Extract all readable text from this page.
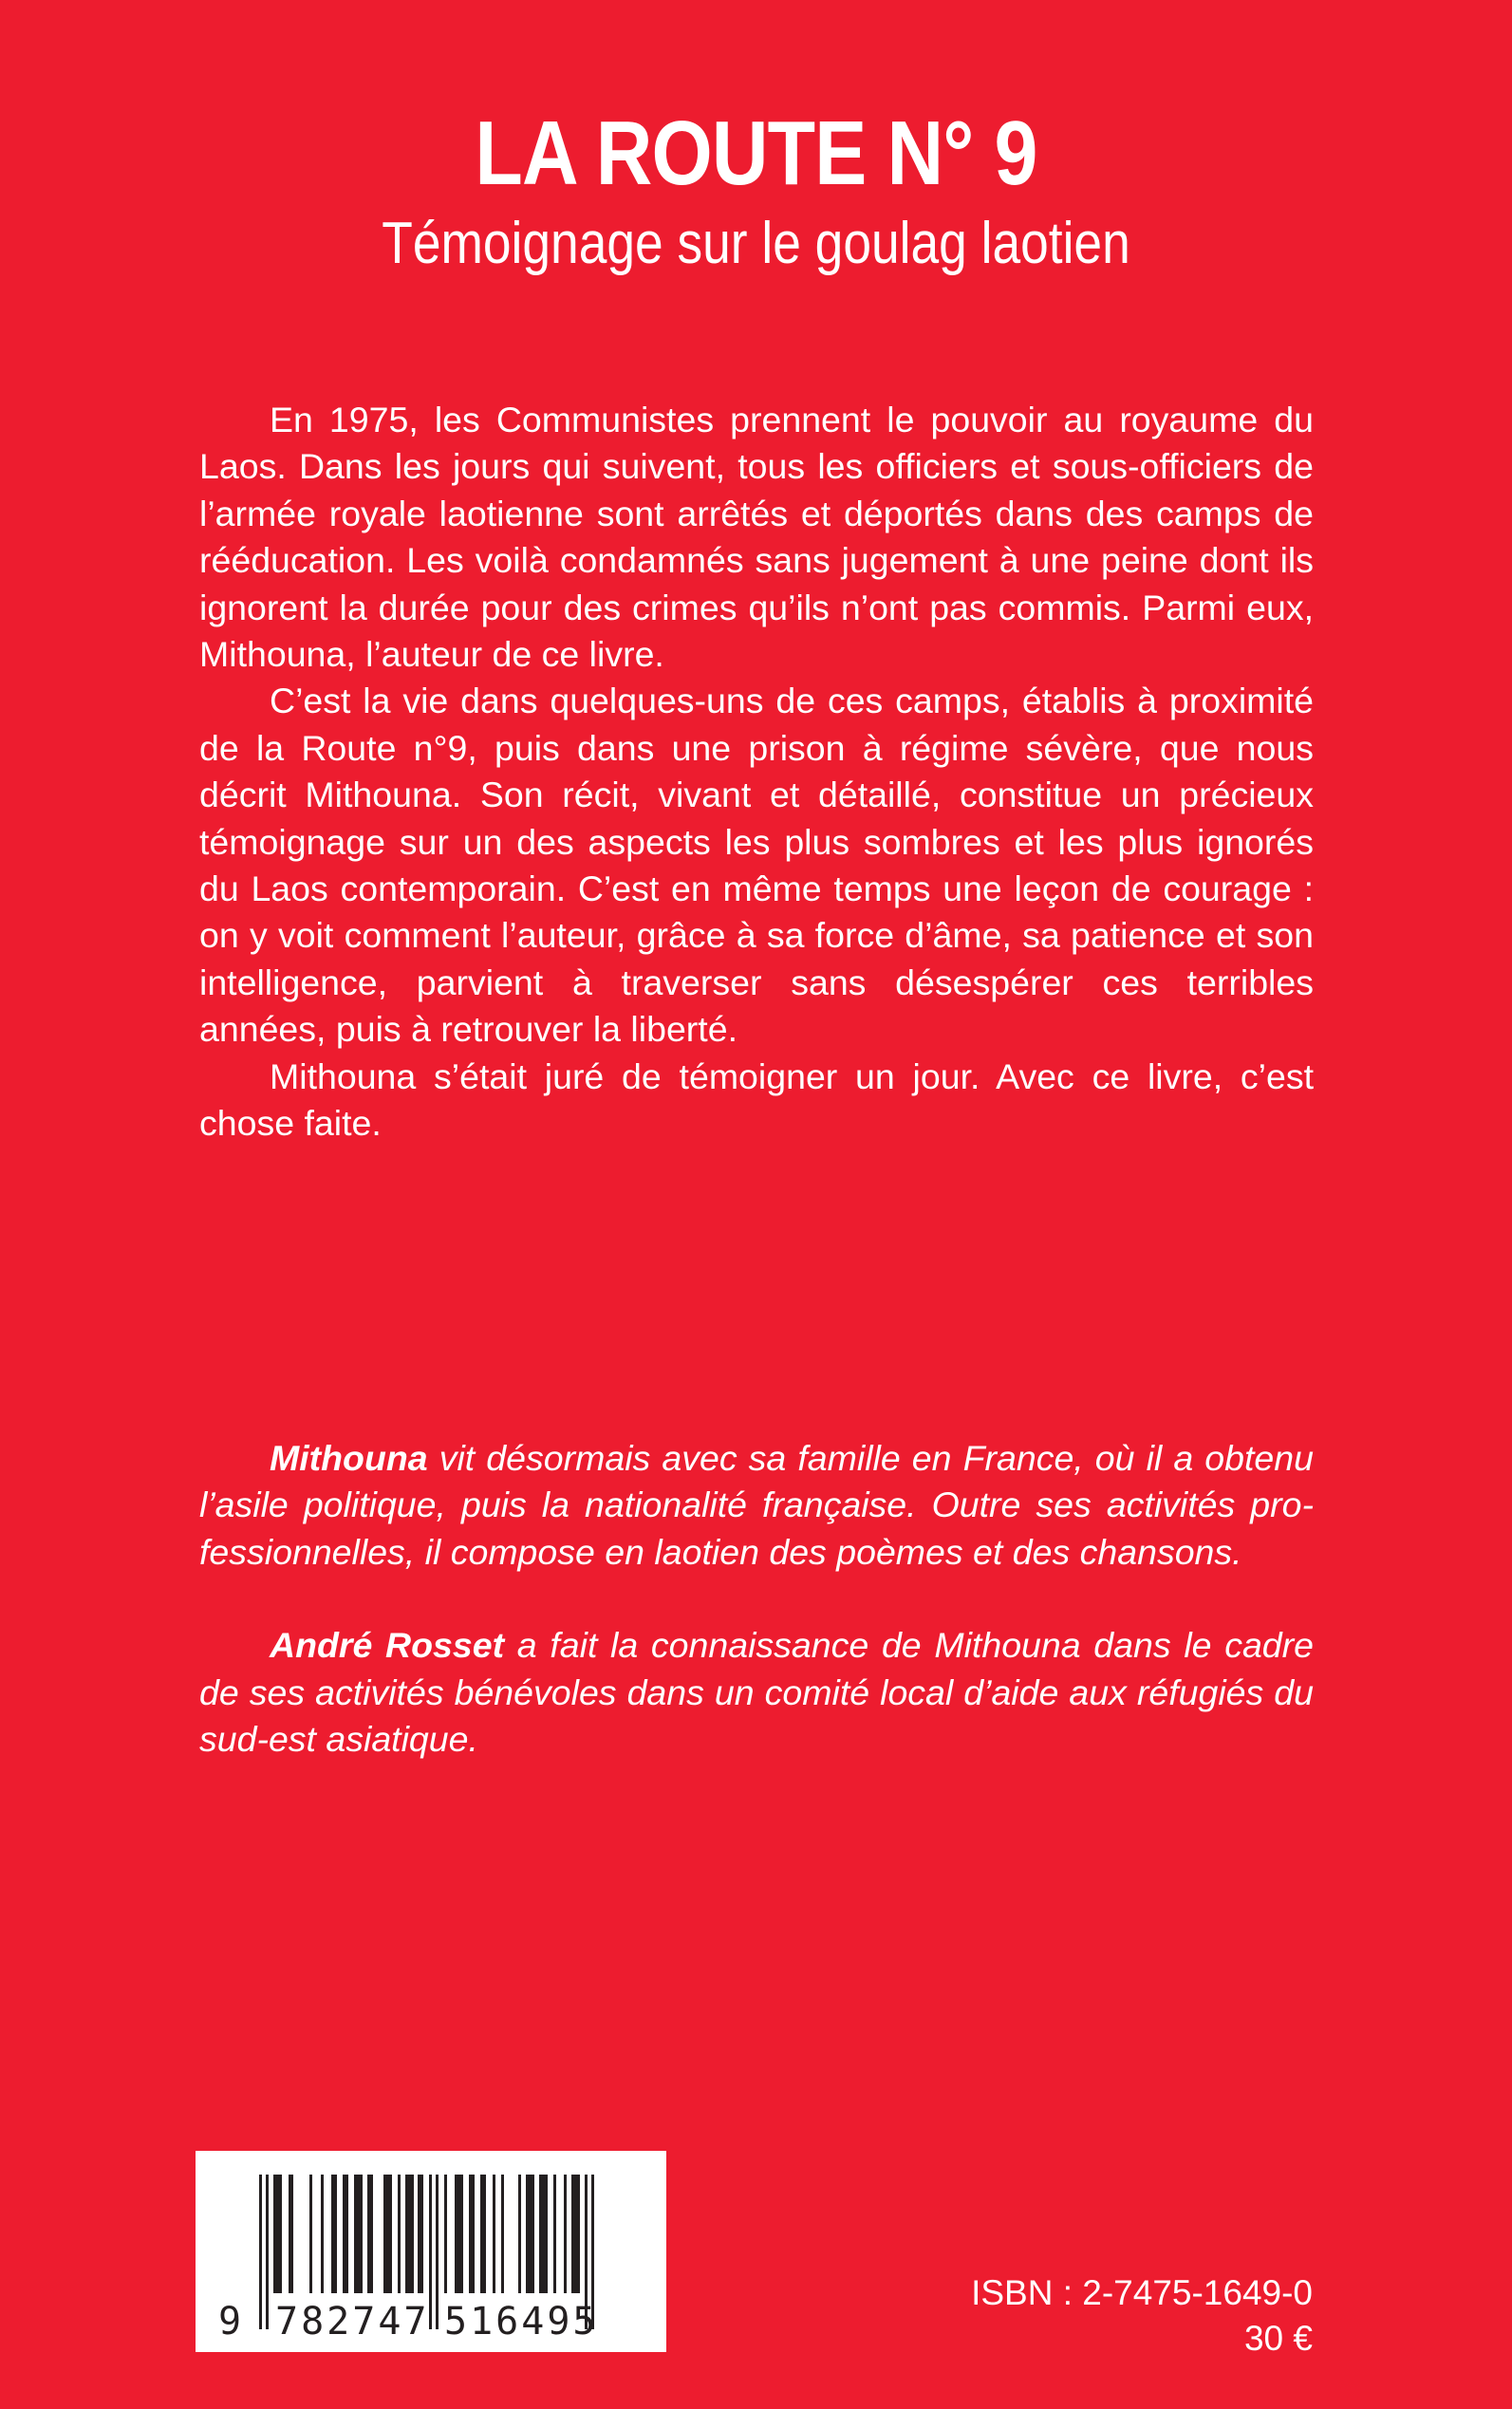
LA ROUTE N° 9
Témoignage sur le goulag laotien

En 1975, les Communistes prennent le pouvoir au royaume du Laos. Dans les jours qui suivent, tous les officiers et sous-officiers de l’armée royale laotienne sont arrêtés et déportés dans des camps de rééducation. Les voilà condamnés sans jugement à une peine dont ils ignorent la durée pour des crimes qu’ils n’ont pas commis. Parmi eux, Mithouna, l’auteur de ce livre.

C’est la vie dans quelques-uns de ces camps, établis à proximité de la Route n°9, puis dans une prison à régime sévère, que nous décrit Mithouna. Son récit, vivant et détaillé, constitue un précieux témoignage sur un des aspects les plus sombres et les plus ignorés du Laos contemporain. C’est en même temps une leçon de courage : on y voit comment l’auteur, grâce à sa force d’âme, sa patience et son intelligence, parvient à traverser sans désespérer ces terribles années, puis à retrouver la liberté.

Mithouna s’était juré de témoigner un jour. Avec ce livre, c’est chose faite.

Mithouna vit désormais avec sa famille en France, où il a obtenu l’asile politique, puis la nationalité française. Outre ses activités pro-fessionnelles, il compose en laotien des poèmes et des chansons.

André Rosset a fait la connaissance de Mithouna dans le cadre de ses activités bénévoles dans un comité local d’aide aux réfugiés du sud-est asiatique.

9 782747 516495
ISBN : 2-7475-1649-0
30 €
